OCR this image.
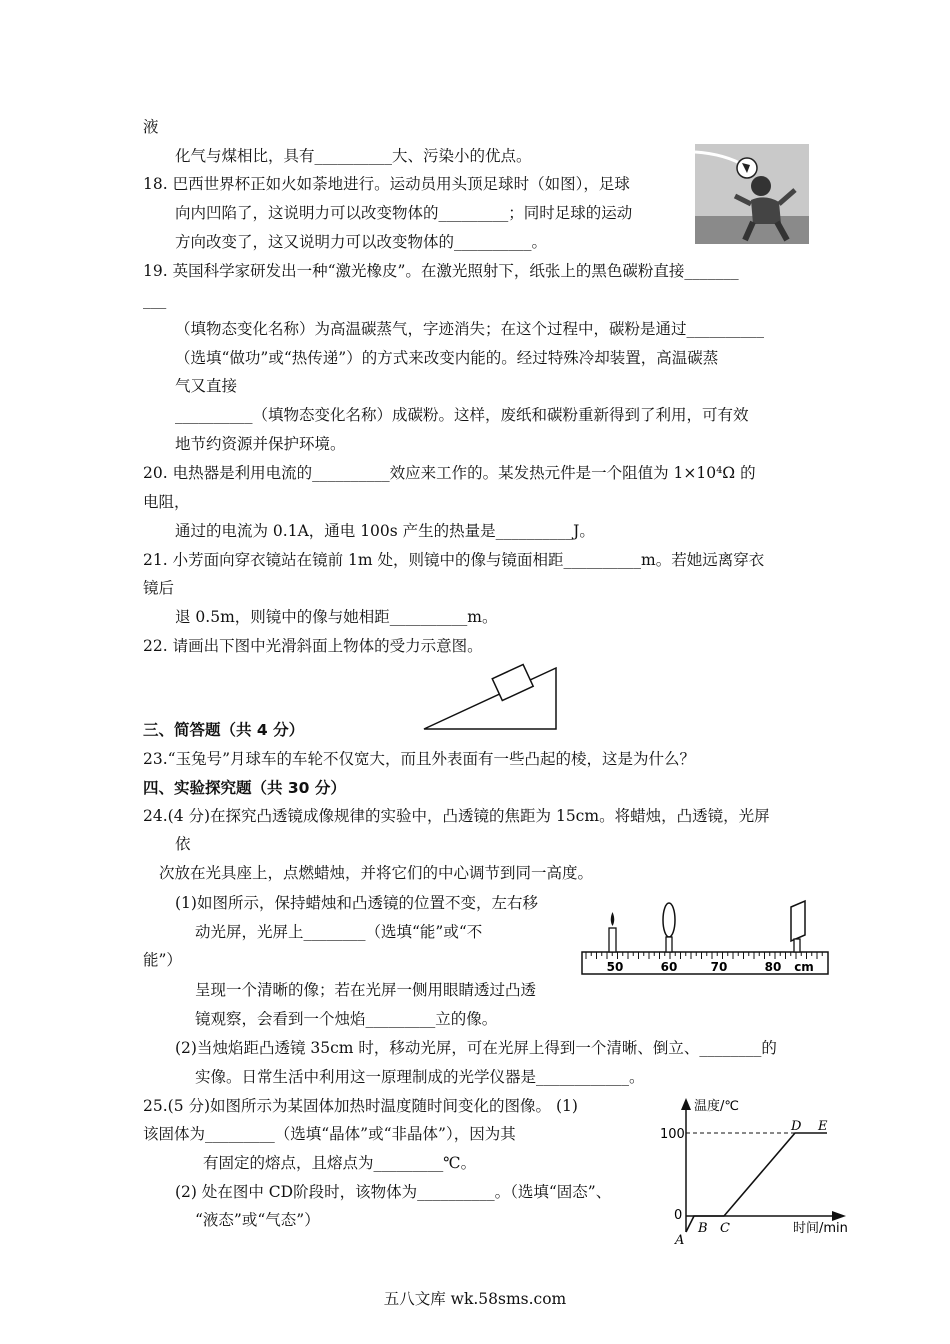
液
化气与煤相比，具有__________大、污染小的优点。
18. 巴西世界杯正如火如荼地进行。运动员用头顶足球时（如图），足球
向内凹陷了，这说明力可以改变物体的_________；同时足球的运动
方向改变了，这又说明力可以改变物体的__________。
19. 英国科学家研发出一种“激光橡皮”。在激光照射下，纸张上的黑色碳粉直接_______
___
（填物态变化名称）为高温碳蒸气，字迹消失；在这个过程中，碳粉是通过__________
（选填“做功”或“热传递”）的方式来改变内能的。经过特殊冷却装置，高温碳蒸
气又直接
__________（填物态变化名称）成碳粉。这样，废纸和碳粉重新得到了利用，可有效
地节约资源并保护环境。
20. 电热器是利用电流的__________效应来工作的。某发热元件是一个阻值为 1×10⁴Ω 的
电阻，
通过的电流为 0.1A，通电 100s 产生的热量是__________J。
21. 小芳面向穿衣镜站在镜前 1m 处，则镜中的像与镜面相距__________m。若她远离穿衣
镜后
退 0.5m，则镜中的像与她相距__________m。
22. 请画出下图中光滑斜面上物体的受力示意图。
三、简答题（共 4 分）
23.“玉兔号”月球车的车轮不仅宽大，而且外表面有一些凸起的棱，这是为什么？
四、实验探究题（共 30 分）
24.(4 分)在探究凸透镜成像规律的实验中，凸透镜的焦距为 15cm。将蜡烛，凸透镜，光屏
依
次放在光具座上，点燃蜡烛，并将它们的中心调节到同一高度。
(1)如图所示，保持蜡烛和凸透镜的位置不变，左右移
动光屏，光屏上________（选填“能”或“不
能”）
呈现一个清晰的像；若在光屏一侧用眼睛透过凸透
镜观察，会看到一个烛焰_________立的像。
50	60	70	80 cm
(2)当烛焰距凸透镜 35cm 时，移动光屏，可在光屏上得到一个清晰、倒立、________的
实像。日常生活中利用这一原理制成的光学仪器是____________。
25.(5 分)如图所示为某固体加热时温度随时间变化的图像。 (1)
该固体为_________（选填“晶体”或“非晶体”），因为其
有固定的熔点，且熔点为_________℃。
(2) 处在图中 CD阶段时，该物体为__________。（选填“固态”、
“液态”或“气态”）
温度/℃
时间/min
100
0
A
B C
D E
五八文库 wk.58sms.com
